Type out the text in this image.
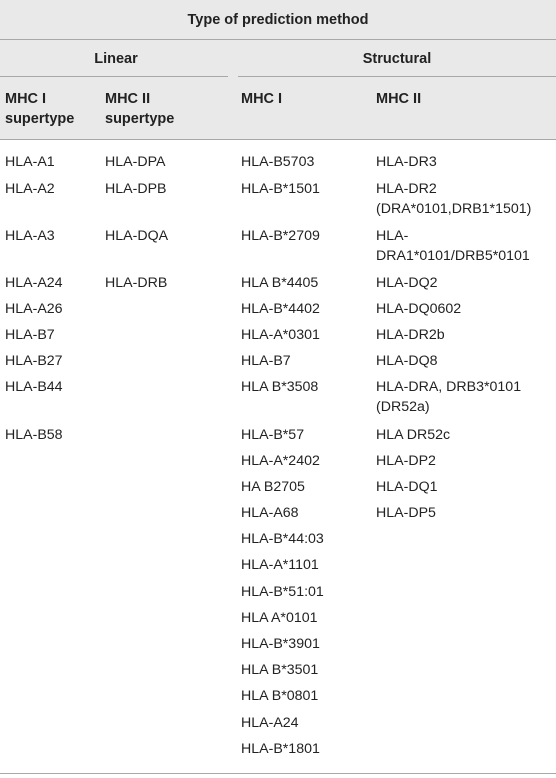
Type of prediction method
Linear	Structural
MHC I
supertype
MHC II
supertype
MHC I	MHC II
HLA-A1
HLA-A2
HLA-A3
HLA-A24
HLA-A26
HLA-B7
HLA-B27
HLA-B44
HLA-B58
HLA-DPA
HLA-DPB
HLA-DQA
HLA-DRB
HLA-B5703
HLA-B*1501
HLA-B*2709
HLA B*4405
HLA-B*4402
HLA-A*0301
HLA-B7
HLA B*3508
HLA-B*57
HLA-A*2402
HA B2705
HLA-A68
HLA-B*44:03
HLA-A*1101
HLA-B*51:01
HLA A*0101
HLA-B*3901
HLA B*3501
HLA B*0801
HLA-A24
HLA-B*1801
HLA-DR3
HLA-DR2
(DRA*0101,DRB1*1501)
HLA-
DRA1*0101/DRB5*0101
HLA-DQ2
HLA-DQ0602
HLA-DR2b
HLA-DQ8
HLA-DRA, DRB3*0101
(DR52a)
HLA DR52c
HLA-DP2
HLA-DQ1
HLA-DP5
